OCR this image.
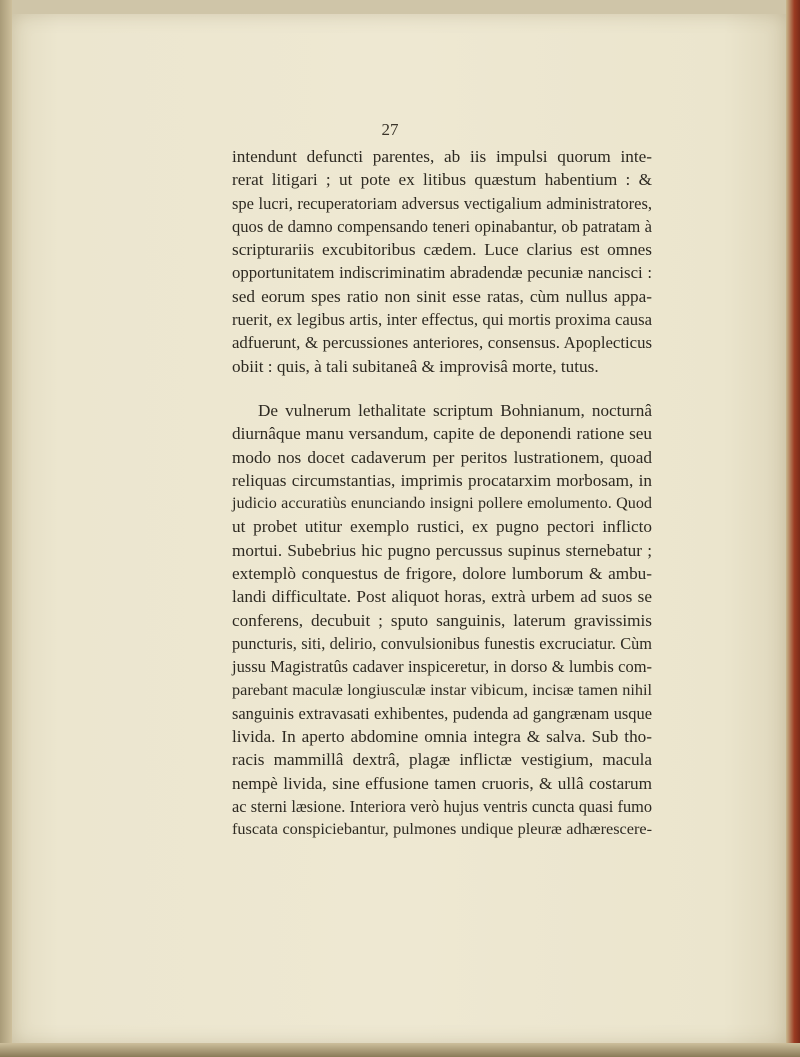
27
intendunt defuncti parentes, ab iis impulsi quorum inte-
rerat litigari ; ut pote ex litibus quæstum habentium : &
spe lucri, recuperatoriam adversus vectigalium administratores,
quos de damno compensando teneri opinabantur, ob patratam à
scripturariis excubitoribus cædem. Luce clarius est omnes
opportunitatem indiscriminatim abradendæ pecuniæ nancisci :
sed eorum spes ratio non sinit esse ratas, cùm nullus appa-
ruerit, ex legibus artis, inter effectus, qui mortis proxima causa
adfuerunt, & percussiones anteriores, consensus. Apoplecticus
obiit : quis, à tali subitaneâ & improvisâ morte, tutus.
De vulnerum lethalitate scriptum Bohnianum, nocturnâ
diurnâque manu versandum, capite de deponendi ratione seu
modo nos docet cadaverum per peritos lustrationem, quoad
reliquas circumstantias, imprimis procatarxim morbosam, in
judicio accuratiùs enunciando insigni pollere emolumento. Quod
ut probet utitur exemplo rustici, ex pugno pectori inflicto
mortui. Subebrius hic pugno percussus supinus sternebatur ;
extemplò conquestus de frigore, dolore lumborum & ambu-
landi difficultate. Post aliquot horas, extrà urbem ad suos se
conferens, decubuit ; sputo sanguinis, laterum gravissimis
puncturis, siti, delirio, convulsionibus funestis excruciatur. Cùm
jussu Magistratûs cadaver inspiceretur, in dorso & lumbis com-
parebant maculæ longiusculæ instar vibicum, incisæ tamen nihil
sanguinis extravasati exhibentes, pudenda ad gangrænam usque
livida. In aperto abdomine omnia integra & salva. Sub tho-
racis mammillâ dextrâ, plagæ inflictæ vestigium, macula
nempè livida, sine effusione tamen cruoris, & ullâ costarum
ac sterni læsione. Interiora verò hujus ventris cuncta quasi fumo
fuscata conspiciebantur, pulmones undique pleuræ adhærescere-
